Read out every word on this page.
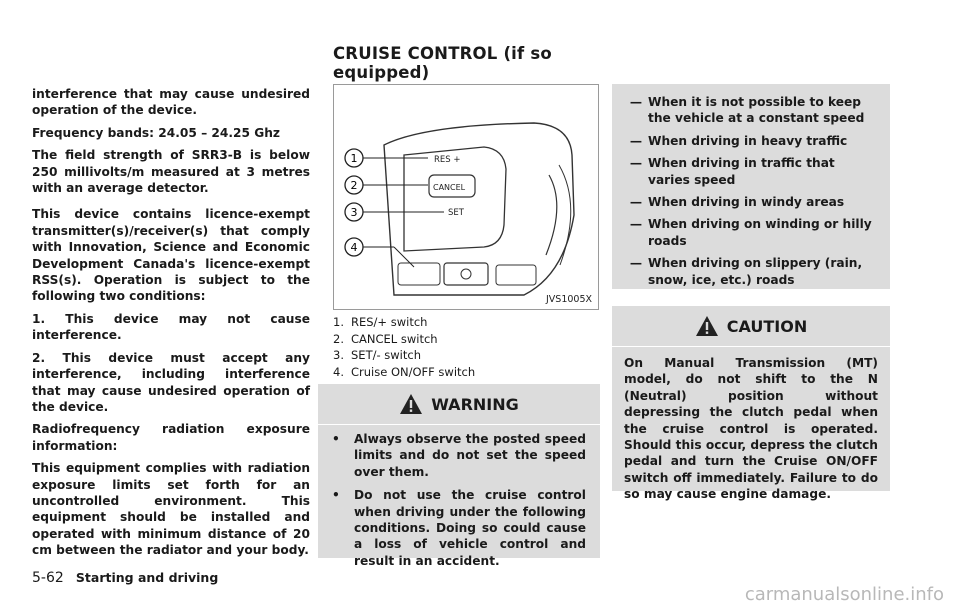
CRUISE CONTROL (if so equipped)

interference that may cause undesired operation of the device.

Frequency bands: 24.05 – 24.25 Ghz

The field strength of SRR3-B is below 250 millivolts/m measured at 3 metres with an average detector.

This device contains licence-exempt transmitter(s)/receiver(s) that comply with Innovation, Science and Economic Development Canada's licence-exempt RSS(s). Operation is subject to the following two conditions:

1. This device may not cause interference.

2. This device must accept any interference, including interference that may cause undesired operation of the device.

Radiofrequency radiation exposure information:

This equipment complies with radiation exposure limits set forth for an uncontrolled environment. This equipment should be installed and operated with minimum distance of 20 cm between the radiator and your body.

RES +
CANCEL
SET
1
2
3
4
JVS1005X
1. RES/+ switch
2. CANCEL switch
3. SET/- switch
4. Cruise ON/OFF switch
WARNING
•	Always observe the posted speed limits and do not set the speed over them.
•	Do not use the cruise control when driving under the following conditions. Doing so could cause a loss of vehicle control and result in an accident.
— When it is not possible to keep the vehicle at a constant speed
— When driving in heavy traffic
— When driving in traffic that varies speed
— When driving in windy areas
— When driving on winding or hilly roads
— When driving on slippery (rain, snow, ice, etc.) roads
CAUTION

On Manual Transmission (MT) model, do not shift to the N (Neutral) position without depressing the clutch pedal when the cruise control is operated. Should this occur, depress the clutch pedal and turn the Cruise ON/OFF switch off immediately. Failure to do so may cause engine damage.

5-62 Starting and driving
carmanualsonline.info
